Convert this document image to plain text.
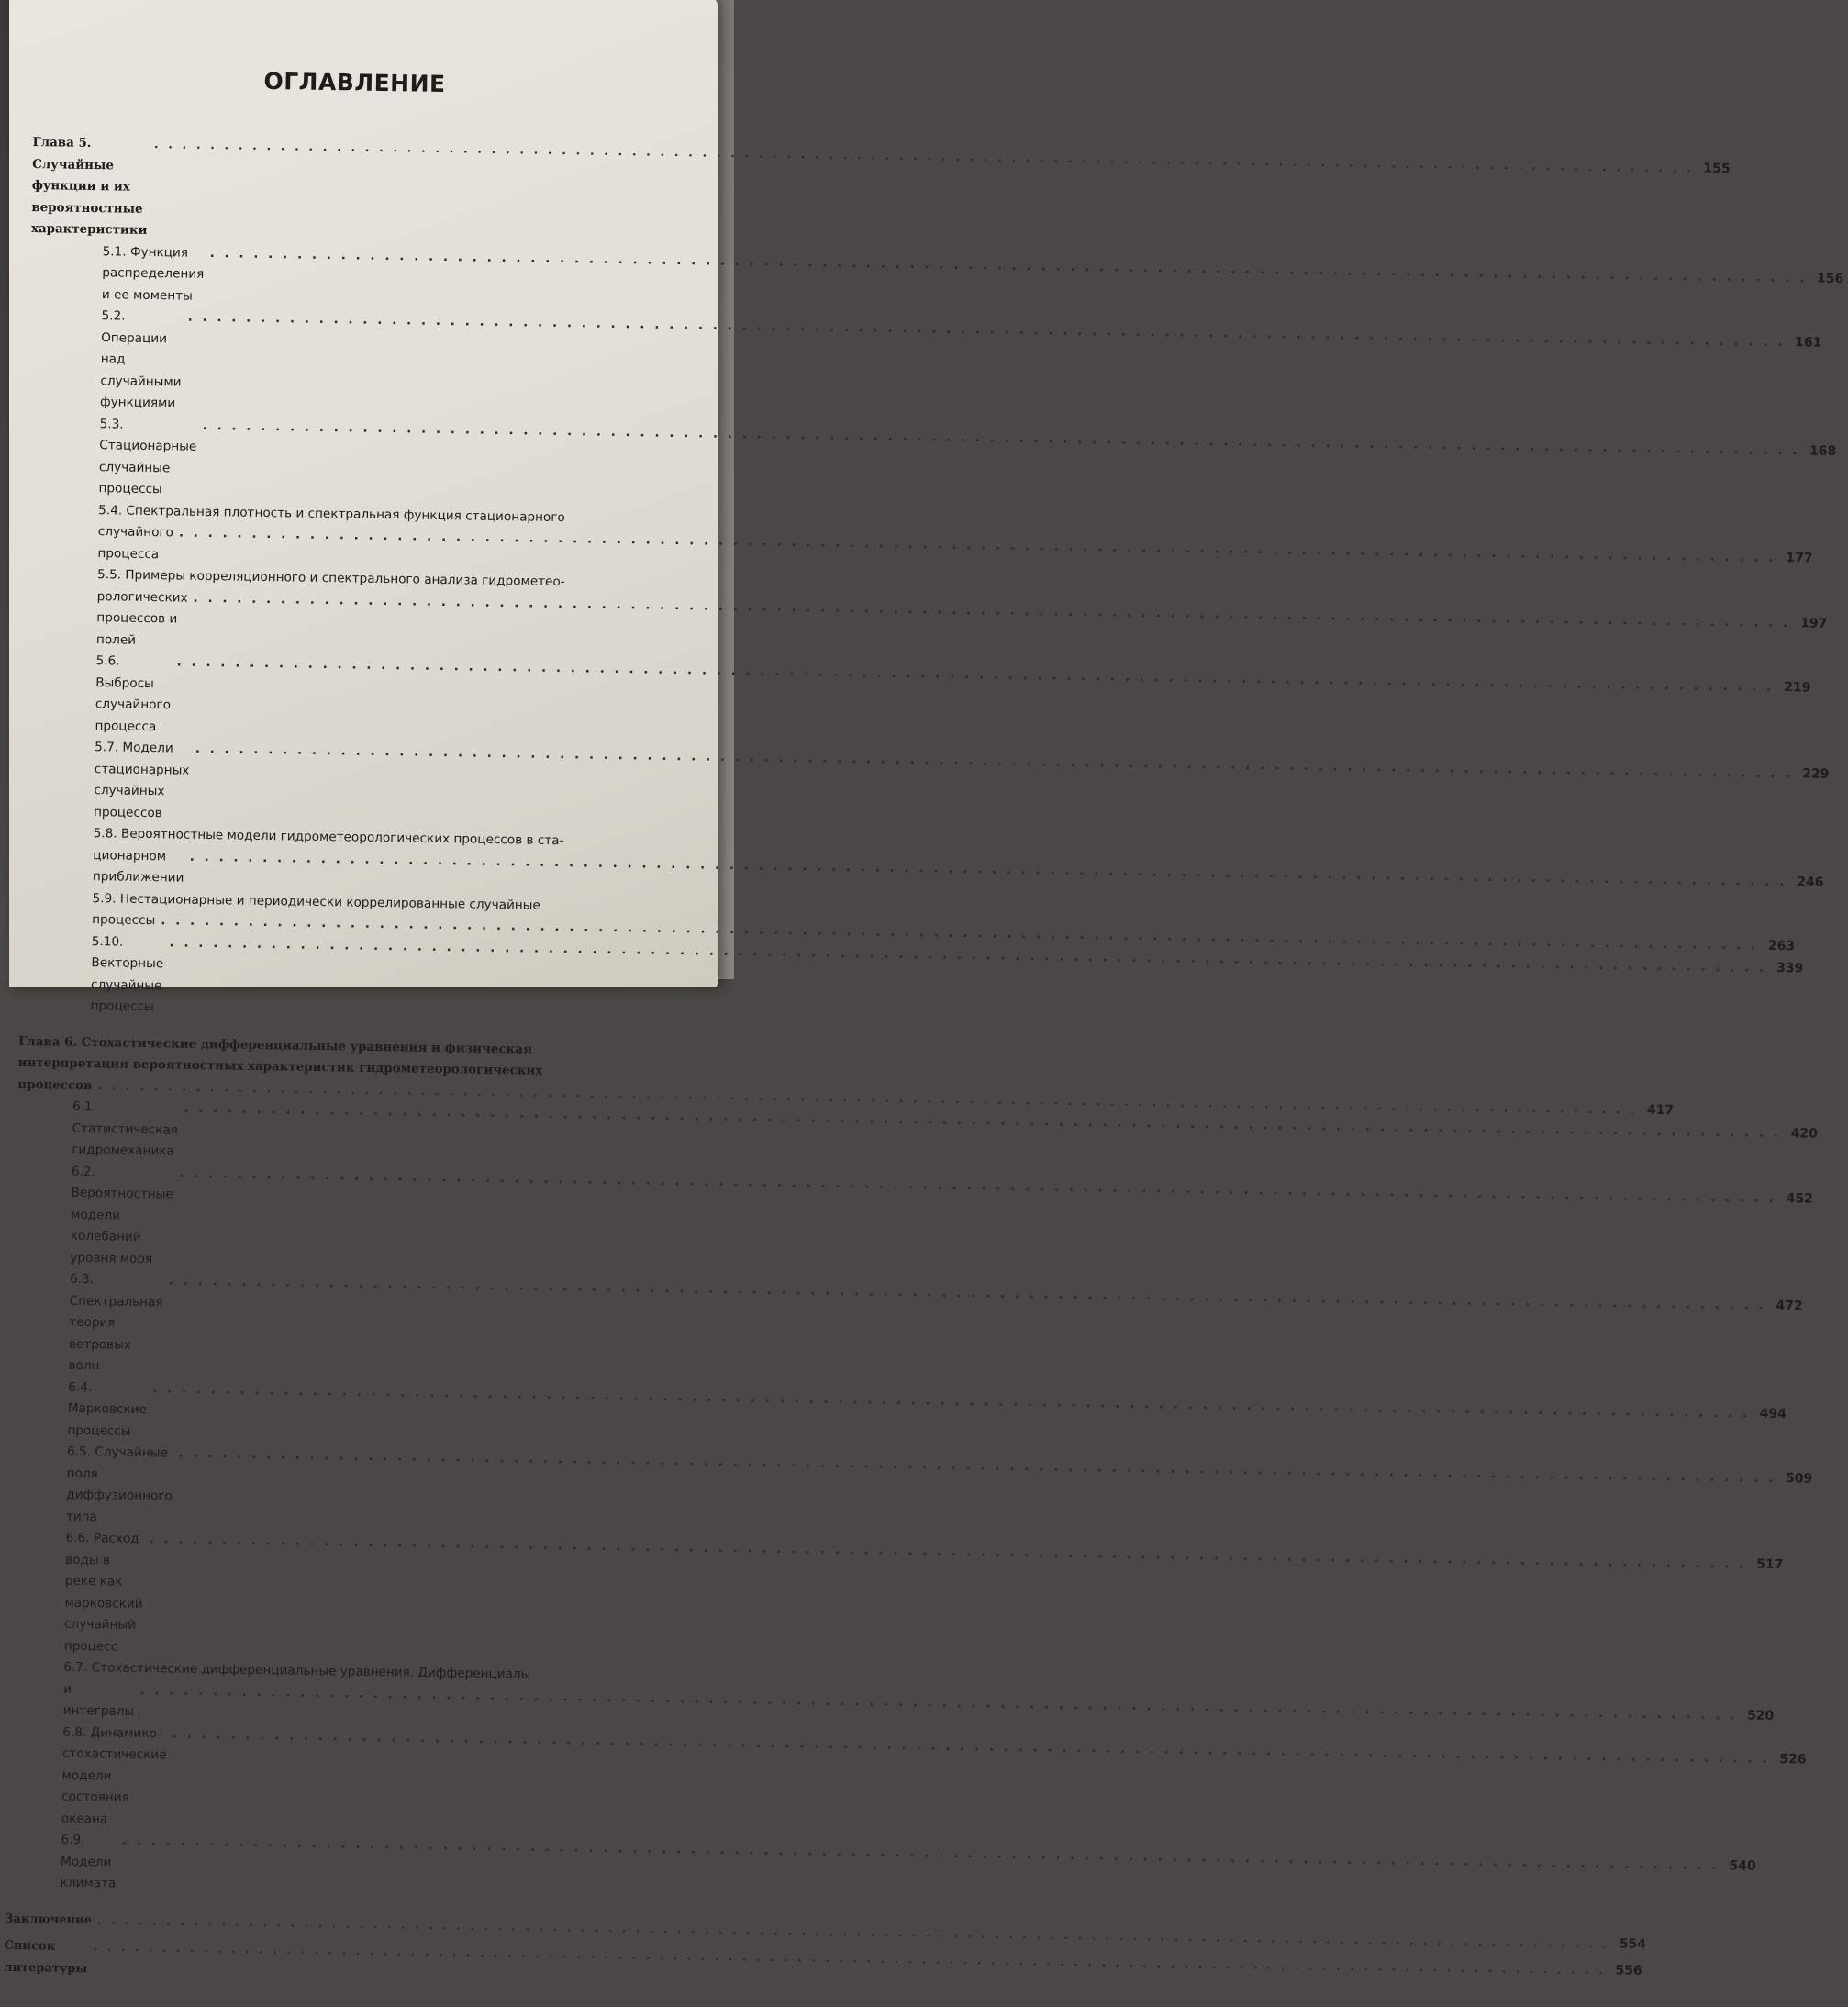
ОГЛАВЛЕНИЕ
Глава 5. Случайные функции и их вероятностные характеристики
. . .
155
5.1. Функция распределения и ее моменты
. . .
156
5.2. Операции над случайными функциями
. . .
161
5.3. Стационарные случайные процессы
. . .
168
5.4. Спектральная плотность и спектральная функция стационарного
случайного процесса . . .	177
5.5. Примеры корреляционного и спектрального анализа гидрометео-
рологических процессов и полей
. . .
197
5.6. Выбросы случайного процесса
. . .
219
5.7. Модели стационарных случайных процессов
. . .
229
5.8. Вероятностные модели гидрометеорологических процессов в ста-
ционарном приближении . . .	246
5.9. Нестационарные и периодически коррелированные случайные
процессы
. . .
263
5.10. Векторные случайные процессы
. . .
339
Глава 6. Стохастические дифференциальные уравнения и физическая
интерпретация вероятностных характеристик гидрометеорологических
процессов
. . .
417
6.1. Статистическая гидромеханика
. . .
420
6.2. Вероятностные модели колебаний уровня моря
. . .
452
6.3. Спектральная теория ветровых волн
. . .
472
6.4. Марковские процессы
. . .
494
6.5. Случайные поля диффузионного типа
. . .
509
6.6. Расход воды в реке как марковский случайный процесс
. . .
517
6.7. Стохастические дифференциальные уравнения. Дифференциалы
и интегралы . . .	520
6.8. Динамико-стохастические модели состояния океана
. . .
526
6.9. Модели климата
. . .
540
Заключение
. . .
554
Список литературы . . .	556
